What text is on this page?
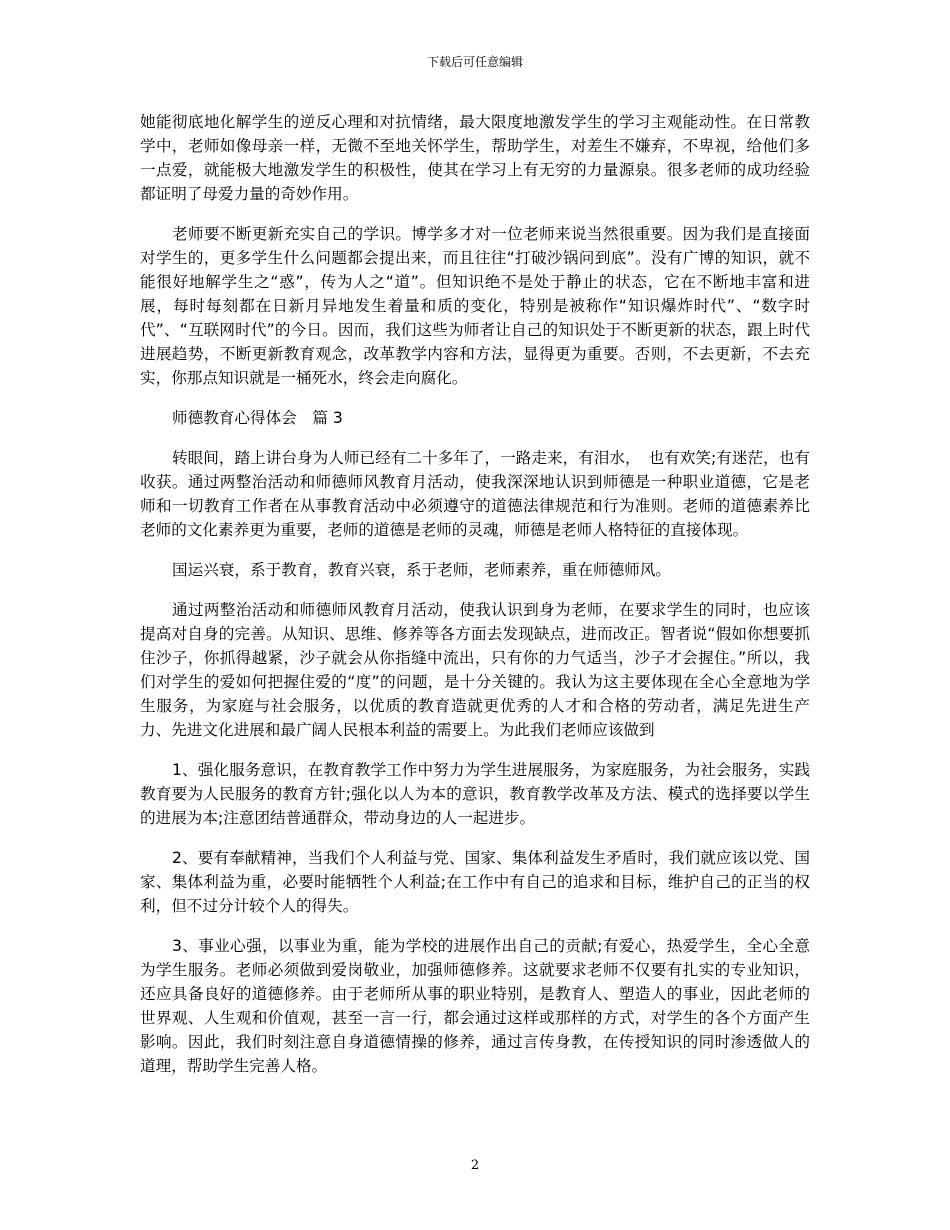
下载后可任意编辑

她能彻底地化解学生的逆反心理和对抗情绪，最大限度地激发学生的学习主观能动性。在日常教学中，老师如像母亲一样，无微不至地关怀学生，帮助学生，对差生不嫌弃，不卑视，给他们多一点爱，就能极大地激发学生的积极性，使其在学习上有无穷的力量源泉。很多老师的成功经验都证明了母爱力量的奇妙作用。

老师要不断更新充实自己的学识。博学多才对一位老师来说当然很重要。因为我们是直接面对学生的，更多学生什么问题都会提出来，而且往往“打破沙锅问到底”。没有广博的知识，就不能很好地解学生之“惑”，传为人之“道”。但知识绝不是处于静止的状态，它在不断地丰富和进展，每时每刻都在日新月异地发生着量和质的变化，特别是被称作“知识爆炸时代”、“数字时代”、“互联网时代”的今日。因而，我们这些为师者让自己的知识处于不断更新的状态，跟上时代进展趋势，不断更新教育观念，改革教学内容和方法，显得更为重要。否则，不去更新，不去充实，你那点知识就是一桶死水，终会走向腐化。

师德教育心得体会　篇 3

转眼间，踏上讲台身为人师已经有二十多年了，一路走来，有泪水，　也有欢笑;有迷茫，也有收获。通过两整治活动和师德师风教育月活动，使我深深地认识到师德是一种职业道德，它是老师和一切教育工作者在从事教育活动中必须遵守的道德法律规范和行为准则。老师的道德素养比老师的文化素养更为重要，老师的道德是老师的灵魂，师德是老师人格特征的直接体现。

国运兴衰，系于教育，教育兴衰，系于老师，老师素养，重在师德师风。

通过两整治活动和师德师风教育月活动，使我认识到身为老师，在要求学生的同时，也应该提高对自身的完善。从知识、思维、修养等各方面去发现缺点，进而改正。智者说“假如你想要抓住沙子，你抓得越紧，沙子就会从你指缝中流出，只有你的力气适当，沙子才会握住。”所以，我们对学生的爱如何把握住爱的“度”的问题，是十分关键的。我认为这主要体现在全心全意地为学生服务，为家庭与社会服务，以优质的教育造就更优秀的人才和合格的劳动者，满足先进生产力、先进文化进展和最广阔人民根本利益的需要上。为此我们老师应该做到

1、强化服务意识，在教育教学工作中努力为学生进展服务，为家庭服务，为社会服务，实践教育要为人民服务的教育方针;强化以人为本的意识，教育教学改革及方法、模式的选择要以学生的进展为本;注意团结普通群众，带动身边的人一起进步。

2、要有奉献精神，当我们个人利益与党、国家、集体利益发生矛盾时，我们就应该以党、国家、集体利益为重，必要时能牺牲个人利益;在工作中有自己的追求和目标，维护自己的正当的权利，但不过分计较个人的得失。

3、事业心强，以事业为重，能为学校的进展作出自己的贡献;有爱心，热爱学生，全心全意为学生服务。老师必须做到爱岗敬业，加强师德修养。这就要求老师不仅要有扎实的专业知识，还应具备良好的道德修养。由于老师所从事的职业特别，是教育人、塑造人的事业，因此老师的世界观、人生观和价值观，甚至一言一行，都会通过这样或那样的方式，对学生的各个方面产生影响。因此，我们时刻注意自身道德情操的修养，通过言传身教，在传授知识的同时渗透做人的道理，帮助学生完善人格。

2
